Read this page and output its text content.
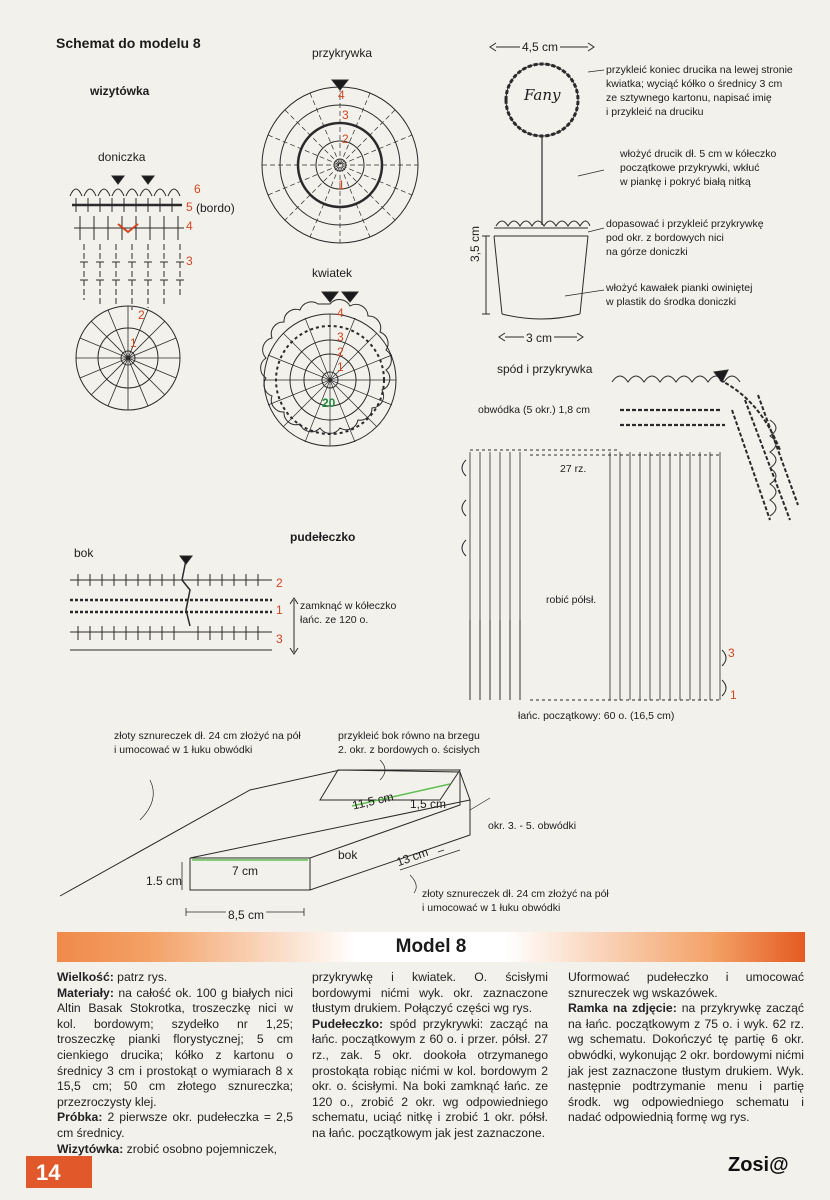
Schemat do modelu 8
wizytówka
doniczka
6
5 (bordo)
4
3
2
1
przykrywka
4
3
2
1
kwiatek
4
3
2
1
20
4,5 cm
Fany
3,5 cm
3 cm
przykleić koniec drucika na lewej stronie
kwiatka; wyciąć kółko o średnicy 3 cm
ze sztywnego kartonu, napisać imię
i przykleić na druciku
włożyć drucik dł. 5 cm w kółeczko
początkowe przykrywki, wkłuć
w piankę i pokryć białą nitką
dopasować i przykleić przykrywkę
pod okr. z bordowych nici
na górze doniczki
włożyć kawałek pianki owiniętej
w plastik do środka doniczki
spód i przykrywka
obwódka (5 okr.) 1,8 cm
27 rz.
robić półsł.
łańc. początkowy: 60 o. (16,5 cm)
3
1
pudełeczko
bok
2
1
3
zamknąć w kółeczko
łańc. ze 120 o.
złoty sznureczek dł. 24 cm złożyć na pół
i umocować w 1 łuku obwódki
przykleić bok równo na brzegu
2. okr. z bordowych o. ścisłych
11,5 cm 1,5 cm
okr. 3. - 5. obwódki
13 cm
bok
7 cm
1.5 cm
8,5 cm
złoty sznureczek dł. 24 cm złożyć na pół
i umocować w 1 łuku obwódki
Model 8

Wielkość: patrz rys.

Materiały: na całość ok. 100 g białych nici Altin Basak Stokrotka, troszeczkę nici w kol. bordowym; szydełko nr 1,25; troszeczkę pianki florystycznej; 5 cm cienkiego drucika; kółko z kartonu o średnicy 3 cm i prostokąt o wymiarach 8 x 15,5 cm; 50 cm złotego sznureczka; przezroczysty klej.

Próbka: 2 pierwsze okr. pudełeczka = 2,5 cm średnicy.

Wizytówka: zrobić osobno pojemniczek,

przykrywkę i kwiatek. O. ścisłymi bordowymi nićmi wyk. okr. zaznaczone tłustym drukiem. Połączyć części wg rys.

Pudełeczko: spód przykrywki: zacząć na łańc. początkowym z 60 o. i przer. półsł. 27 rz., zak. 5 okr. dookoła otrzymanego prostokąta robiąc nićmi w kol. bordowym 2 okr. o. ścisłymi. Na boki zamknąć łańc. ze 120 o., zrobić 2 okr. wg odpowiedniego schematu, uciąć nitkę i zrobić 1 okr. półsł. na łańc. początkowym jak jest zaznaczone.

Uformować pudełeczko i umocować sznureczek wg wskazówek.

Ramka na zdjęcie: na przykrywkę zacząć na łańc. początkowym z 75 o. i wyk. 62 rz. wg schematu. Dokończyć tę partię 6 okr. obwódki, wykonując 2 okr. bordowymi nićmi jak jest zaznaczone tłustym drukiem. Wyk. następnie podtrzymanie menu i partię środk. wg odpowiedniego schematu i nadać odpowiednią formę wg rys.

14	Zosi@
